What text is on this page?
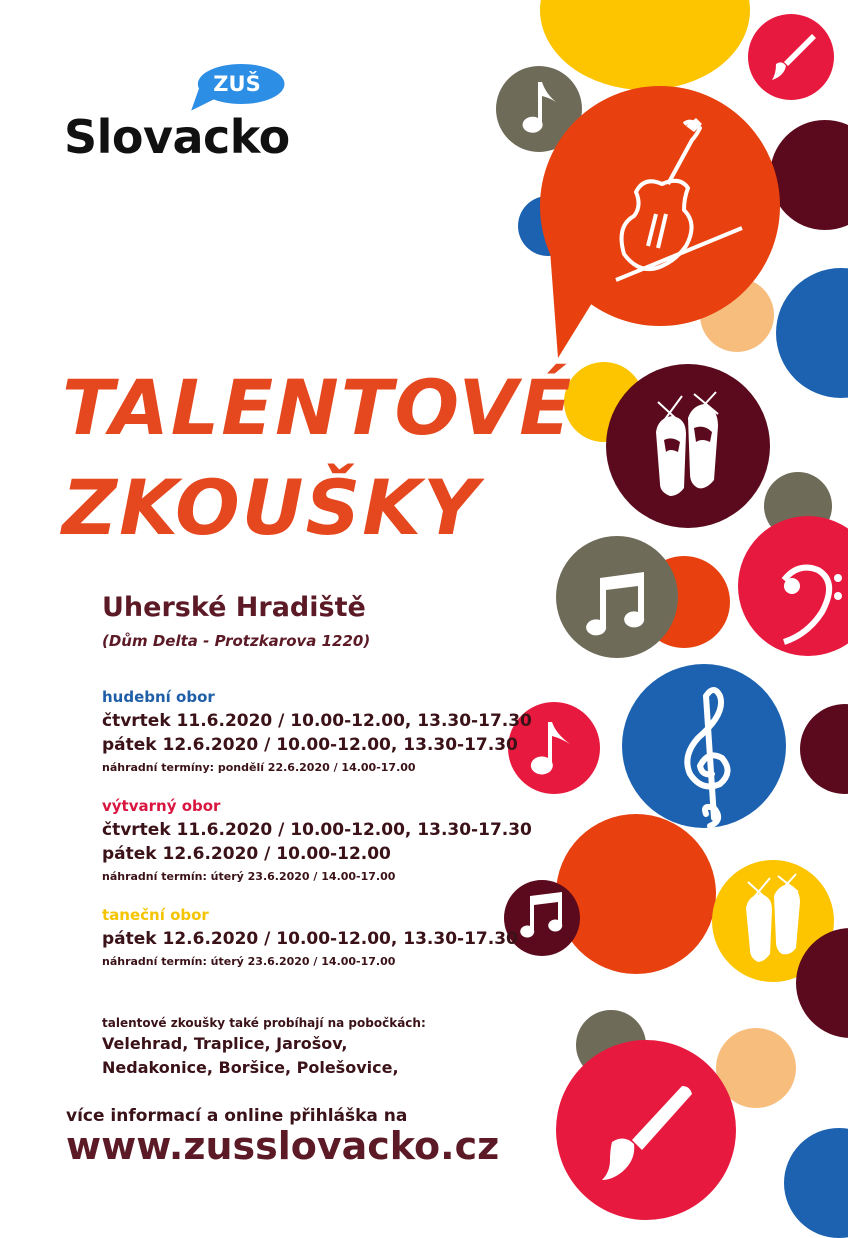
ZUŠ
Slovacko
TALENTOVÉ
ZKOUŠKY
Uherské Hradiště
(Dům Delta - Protzkarova 1220)
hudební obor
čtvrtek 11.6.2020 / 10.00-12.00, 13.30-17.30
pátek 12.6.2020 / 10.00-12.00, 13.30-17.30
náhradní termíny: pondělí 22.6.2020 / 14.00-17.00
výtvarný obor
čtvrtek 11.6.2020 / 10.00-12.00, 13.30-17.30
pátek 12.6.2020 / 10.00-12.00
náhradní termín: úterý 23.6.2020 / 14.00-17.00
taneční obor
pátek 12.6.2020 / 10.00-12.00, 13.30-17.30
náhradní termín: úterý 23.6.2020 / 14.00-17.00
talentové zkoušky také probíhají na pobočkách:
Velehrad, Traplice, Jarošov,
Nedakonice, Boršice, Polešovice,
více informací a online přihláška na
www.zusslovacko.cz
